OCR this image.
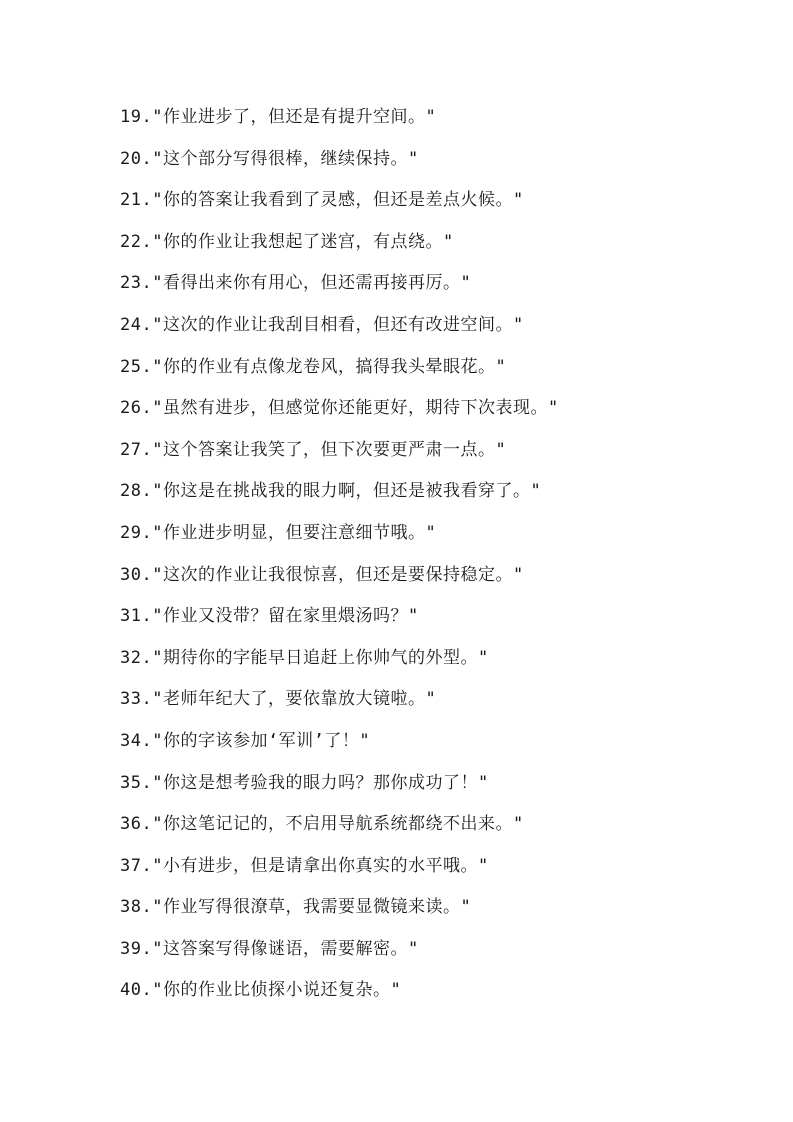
19."作业进步了，但还是有提升空间。"
20."这个部分写得很棒，继续保持。"
21."你的答案让我看到了灵感，但还是差点火候。"
22."你的作业让我想起了迷宫，有点绕。"
23."看得出来你有用心，但还需再接再厉。"
24."这次的作业让我刮目相看，但还有改进空间。"
25."你的作业有点像龙卷风，搞得我头晕眼花。"
26."虽然有进步，但感觉你还能更好，期待下次表现。"
27."这个答案让我笑了，但下次要更严肃一点。"
28."你这是在挑战我的眼力啊，但还是被我看穿了。"
29."作业进步明显，但要注意细节哦。"
30."这次的作业让我很惊喜，但还是要保持稳定。"
31."作业又没带？留在家里煨汤吗？"
32."期待你的字能早日追赶上你帅气的外型。"
33."老师年纪大了，要依靠放大镜啦。"
34."你的字该参加‘军训’了！"
35."你这是想考验我的眼力吗？那你成功了！"
36."你这笔记记的，不启用导航系统都绕不出来。"
37."小有进步，但是请拿出你真实的水平哦。"
38."作业写得很潦草，我需要显微镜来读。"
39."这答案写得像谜语，需要解密。"
40."你的作业比侦探小说还复杂。"
